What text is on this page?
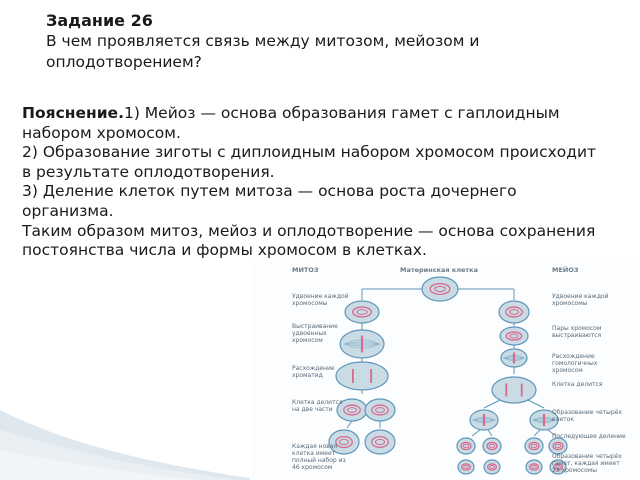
Задание 26
В чем проявляется связь между митозом, мейозом и
оплодотворением?

Пояснение.1) Мейоз — основа образования гамет с гаплоидным

набором хромосом.

2) Образование зиготы с диплоидным набором хромосом происходит

в результате оплодотворения.

3) Деление клеток путем митоза — основа роста дочернего

организма.

Таким образом митоз, мейоз и оплодотворение — основа сохранения

постоянства числа и формы хромосом в клетках.

МИТОЗ	Материнская клетка	МЕЙОЗ
Удвоение каждой хромосомы
Выстраивание удвоенных хромосом
Расхождение хроматид
Клетка делится на две части
Каждая новая клетка имеет полный набор из 46 хромосом
Удвоение каждой хромосомы
Пары хромосом выстраиваются
Расхождение гомологичных хромосом
Клетка делится
Образование четырёх клеток
Последующее деление
Образование четырёх гамет, каждая имеет 23 хромосомы
